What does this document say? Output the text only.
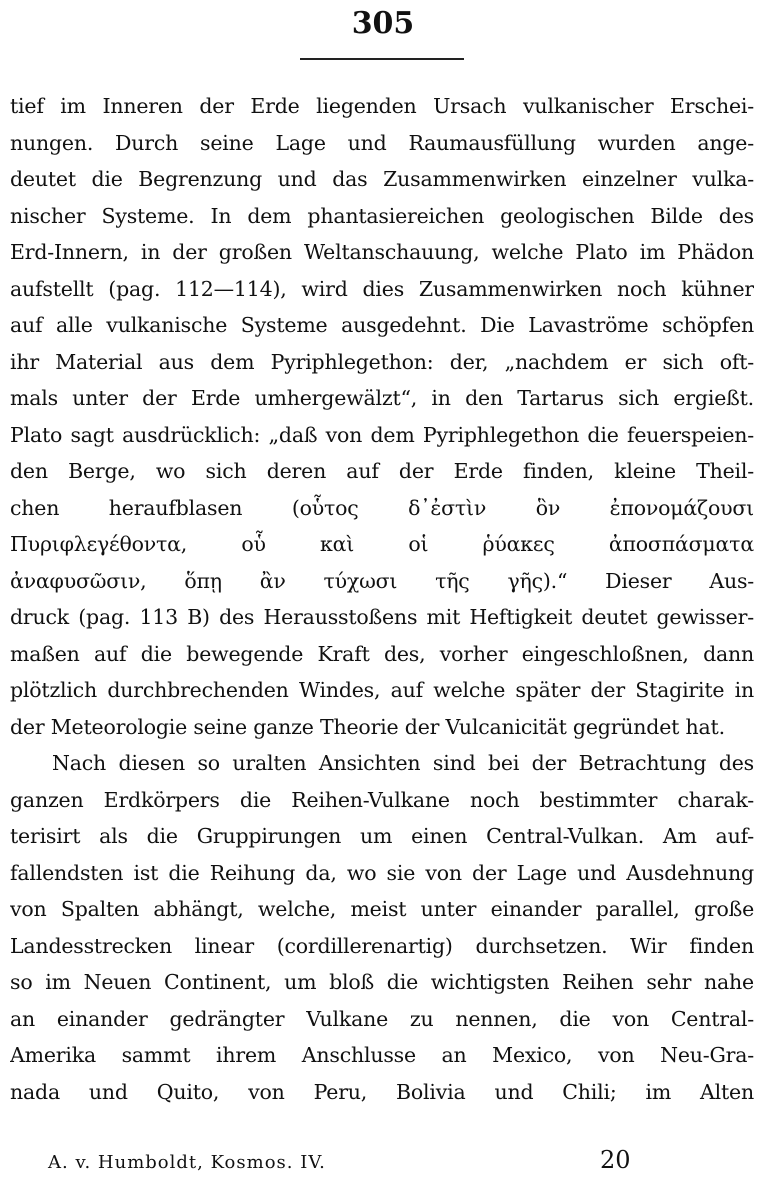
305
tief im Inneren der Erde liegenden Ursach vulkanischer Erschei-
nungen. Durch seine Lage und Raumausfüllung wurden ange-
deutet die Begrenzung und das Zusammenwirken einzelner vulka-
nischer Systeme. In dem phantasiereichen geologischen Bilde des
Erd-Innern, in der großen Weltanschauung, welche Plato im Phädon
aufstellt (pag. 112—114), wird dies Zusammenwirken noch kühner
auf alle vulkanische Systeme ausgedehnt. Die Lavaströme schöpfen
ihr Material aus dem Pyriphlegethon: der, „nachdem er sich oft-
mals unter der Erde umhergewälzt“, in den Tartarus sich ergießt.
Plato sagt ausdrücklich: „daß von dem Pyriphlegethon die feuerspeien-
den Berge, wo sich deren auf der Erde finden, kleine Theil-
chen heraufblasen (οὗτος δ᾽ἐστὶν ὃν ἐπονομάζουσι
Πυριφλεγέθοντα, οὗ καὶ οἱ ῥύακες ἀποσπάσματα
ἀναφυσῶσιν, ὅπῃ ἂν τύχωσι τῆς γῆς).“ Dieser Aus-
druck (pag. 113 B) des Herausstoßens mit Heftigkeit deutet gewisser-
maßen auf die bewegende Kraft des, vorher eingeschloßnen, dann
plötzlich durchbrechenden Windes, auf welche später der Stagirite in
der Meteorologie seine ganze Theorie der Vulcanicität gegründet hat.
Nach diesen so uralten Ansichten sind bei der Betrachtung des
ganzen Erdkörpers die Reihen-Vulkane noch bestimmter charak-
terisirt als die Gruppirungen um einen Central-Vulkan. Am auf-
fallendsten ist die Reihung da, wo sie von der Lage und Ausdehnung
von Spalten abhängt, welche, meist unter einander parallel, große
Landesstrecken linear (cordillerenartig) durchsetzen. Wir finden
so im Neuen Continent, um bloß die wichtigsten Reihen sehr nahe
an einander gedrängter Vulkane zu nennen, die von Central-
Amerika sammt ihrem Anschlusse an Mexico, von Neu-Gra-
nada und Quito, von Peru, Bolivia und Chili; im Alten
A. v. Humboldt, Kosmos. IV.	20
